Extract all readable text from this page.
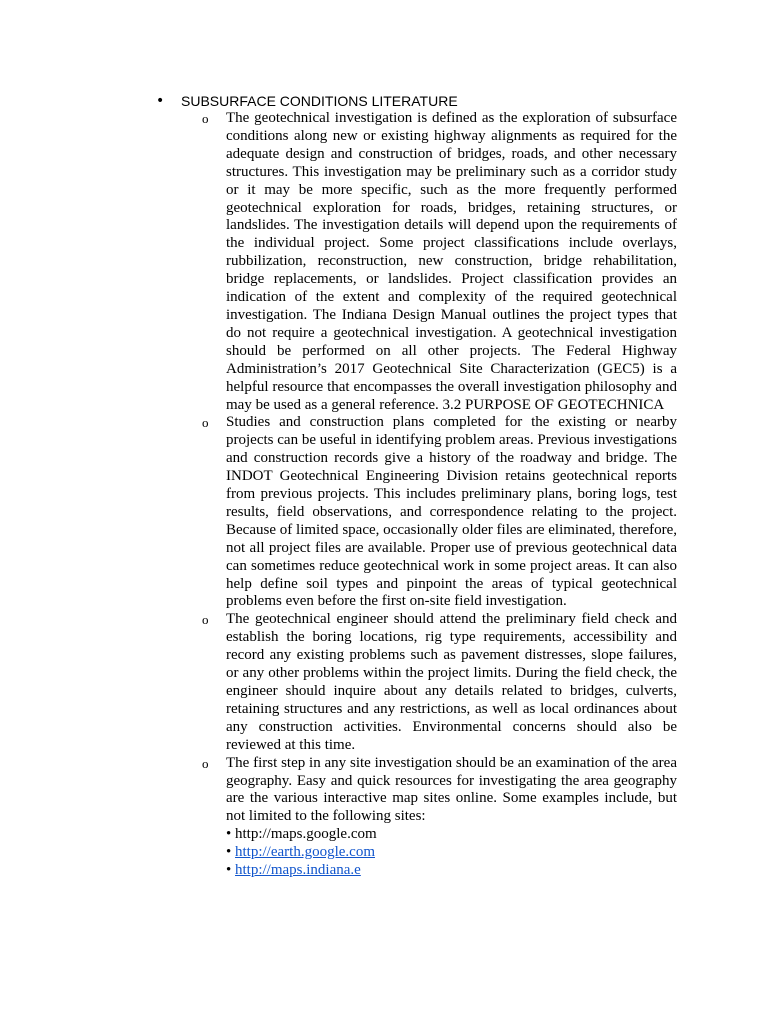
• SUBSURFACE CONDITIONS LITERATURE
o The geotechnical investigation is defined as the exploration of subsurface conditions along new or existing highway alignments as required for the adequate design and construction of bridges, roads, and other necessary structures. This investigation may be preliminary such as a corridor study or it may be more specific, such as the more frequently performed geotechnical exploration for roads, bridges, retaining structures, or landslides. The investigation details will depend upon the requirements of the individual project. Some project classifications include overlays, rubbilization, reconstruction, new construction, bridge rehabilitation, bridge replacements, or landslides. Project classification provides an indication of the extent and complexity of the required geotechnical investigation. The Indiana Design Manual outlines the project types that do not require a geotechnical investigation. A geotechnical investigation should be performed on all other projects. The Federal Highway Administration’s 2017 Geotechnical Site Characterization (GEC5) is a helpful resource that encompasses the overall investigation philosophy and may be used as a general reference. 3.2 PURPOSE OF GEOTECHNICA
o Studies and construction plans completed for the existing or nearby projects can be useful in identifying problem areas. Previous investigations and construction records give a history of the roadway and bridge. The INDOT Geotechnical Engineering Division retains geotechnical reports from previous projects. This includes preliminary plans, boring logs, test results, field observations, and correspondence relating to the project. Because of limited space, occasionally older files are eliminated, therefore, not all project files are available. Proper use of previous geotechnical data can sometimes reduce geotechnical work in some project areas. It can also help define soil types and pinpoint the areas of typical geotechnical problems even before the first on-site field investigation.
o The geotechnical engineer should attend the preliminary field check and establish the boring locations, rig type requirements, accessibility and record any existing problems such as pavement distresses, slope failures, or any other problems within the project limits. During the field check, the engineer should inquire about any details related to bridges, culverts, retaining structures and any restrictions, as well as local ordinances about any construction activities. Environmental concerns should also be reviewed at this time.
o The first step in any site investigation should be an examination of the area geography. Easy and quick resources for investigating the area geography are the various interactive map sites online. Some examples include, but not limited to the following sites:
• http://maps.google.com
• http://earth.google.com
• http://maps.indiana.e
